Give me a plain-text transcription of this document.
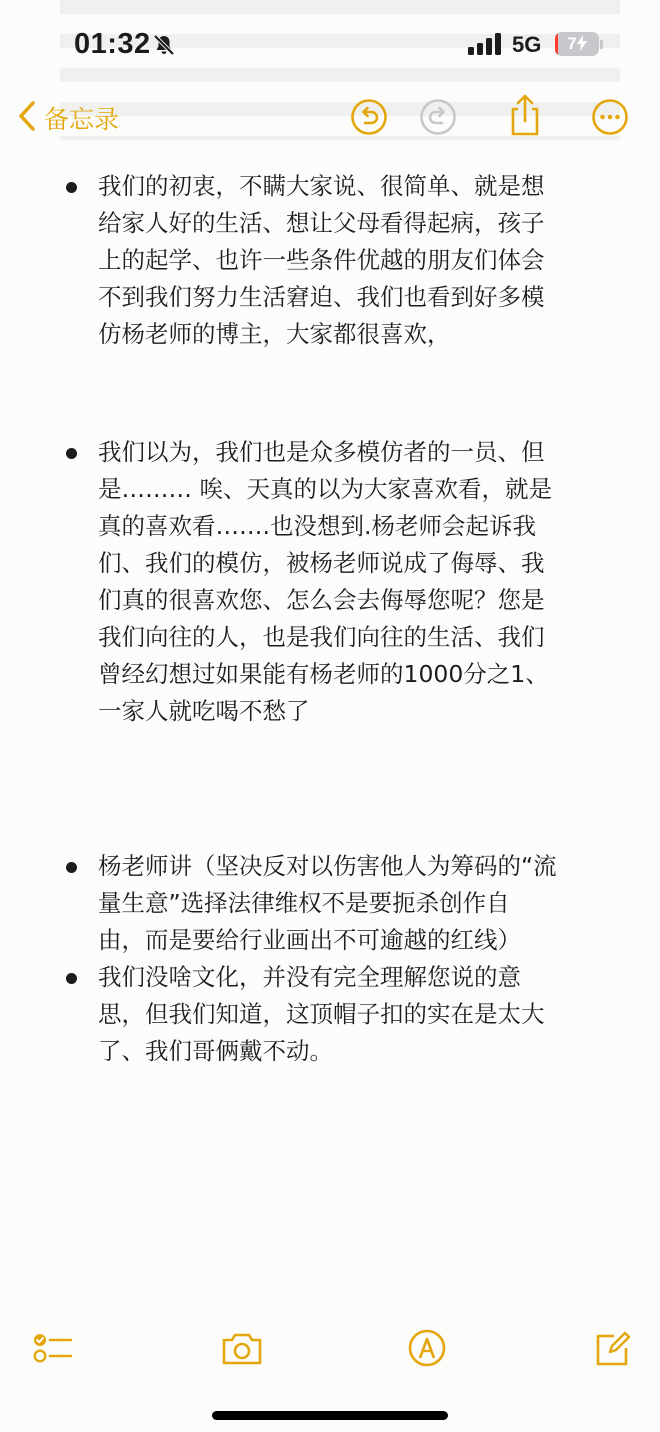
01:32	5G	7
备忘录
我们的初衷，不瞒大家说、很简单、就是想
给家人好的生活、想让父母看得起病，孩子
上的起学、也许一些条件优越的朋友们体会
不到我们努力生活窘迫、我们也看到好多模
仿杨老师的博主，大家都很喜欢，
我们以为，我们也是众多模仿者的一员、但
是……… 唉、天真的以为大家喜欢看，就是
真的喜欢看…….也没想到.杨老师会起诉我
们、我们的模仿，被杨老师说成了侮辱、我
们真的很喜欢您、怎么会去侮辱您呢？您是
我们向往的人，也是我们向往的生活、我们
曾经幻想过如果能有杨老师的1000分之1、
一家人就吃喝不愁了
杨老师讲（坚决反对以伤害他人为筹码的“流
量生意”选择法律维权不是要扼杀创作自
由，而是要给行业画出不可逾越的红线）
我们没啥文化，并没有完全理解您说的意
思，但我们知道，这顶帽子扣的实在是太大
了、我们哥俩戴不动。
